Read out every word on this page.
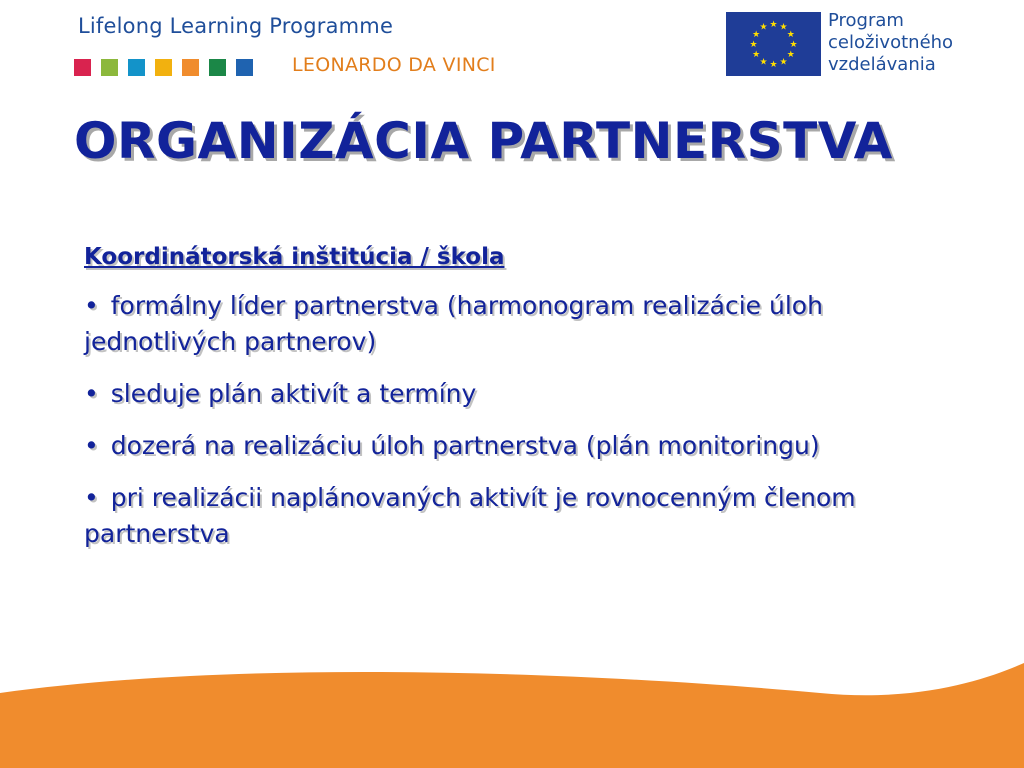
Lifelong Learning Programme
LEONARDO DA VINCI
★
★
★
★
★
★
★
★
★ ★ ★
★
Program
celoživotného
vzdelávania
ORGANIZÁCIA PARTNERSTVA
Koordinátorská inštitúcia / škola
• formálny líder partnerstva (harmonogram realizácie úloh jednotlivých partnerov)
• sleduje plán aktivít a termíny
• dozerá na realizáciu úloh partnerstva (plán monitoringu)
• pri realizácii naplánovaných aktivít je rovnocenným členom partnerstva
